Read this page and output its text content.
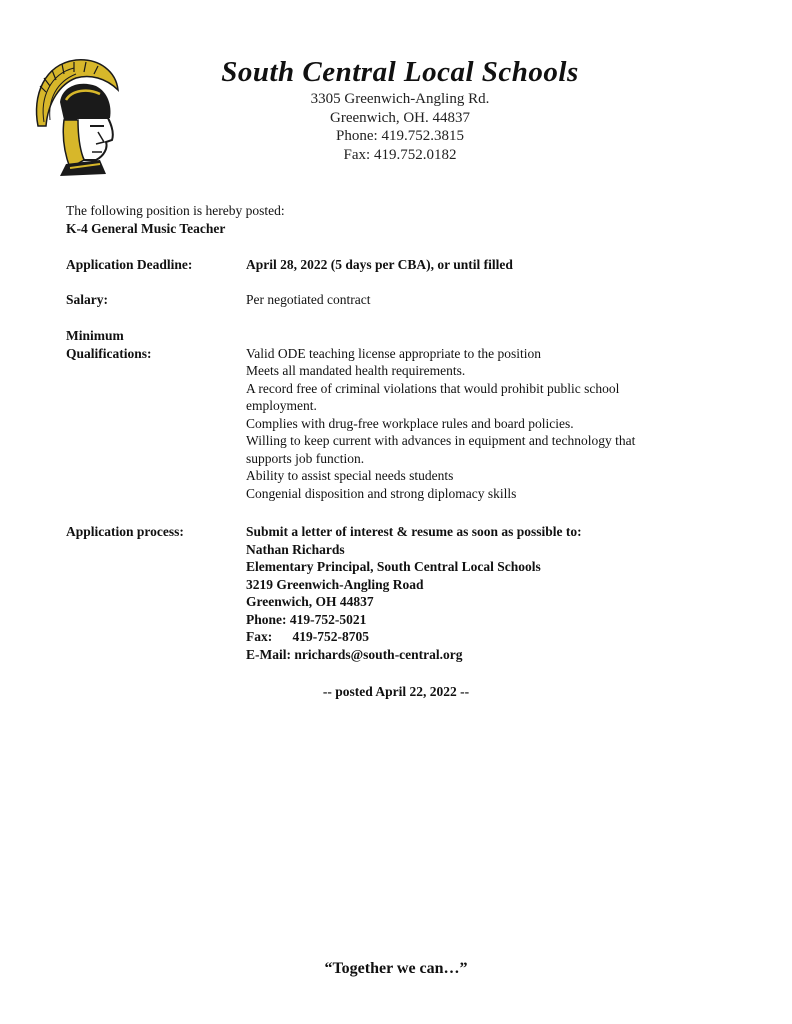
South Central Local Schools
3305 Greenwich-Angling Rd.
Greenwich, OH. 44837
Phone: 419.752.3815
Fax: 419.752.0182
The following position is hereby posted:
K-4 General Music Teacher
Application Deadline:	April 28, 2022 (5 days per CBA), or until filled
Salary:	Per negotiated contract
Minimum
Qualifications:	Valid ODE teaching license appropriate to the position
Meets all mandated health requirements.
A record free of criminal violations that would prohibit public school
employment.
Complies with drug-free workplace rules and board policies.
Willing to keep current with advances in equipment and technology that
supports job function.
Ability to assist special needs students
Congenial disposition and strong diplomacy skills
Application process:	Submit a letter of interest & resume as soon as possible to:
Nathan Richards
Elementary Principal, South Central Local Schools
3219 Greenwich-Angling Road
Greenwich, OH 44837
Phone: 419-752-5021
Fax:      419-752-8705
E-Mail: nrichards@south-central.org
-- posted April 22, 2022 --
“Together we can…”
